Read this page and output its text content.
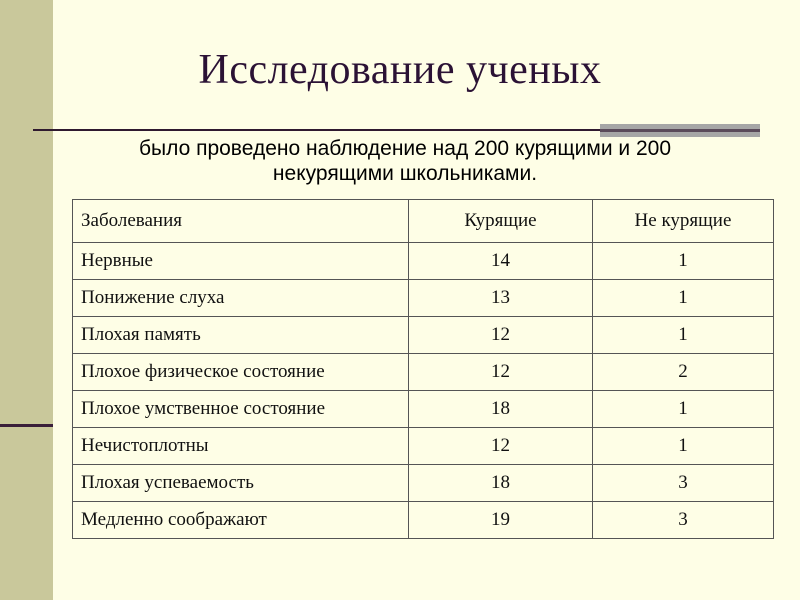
Исследование ученых
было проведено наблюдение над 200 курящими и 200
некурящими школьниками.
Заболевания	Курящие	Не курящие
Нервные	14	1
Понижение слуха	13	1
Плохая память	12	1
Плохое физическое состояние	12	2
Плохое умственное состояние	18	1
Нечистоплотны	12	1
Плохая успеваемость	18	3
Медленно соображают	19	3
